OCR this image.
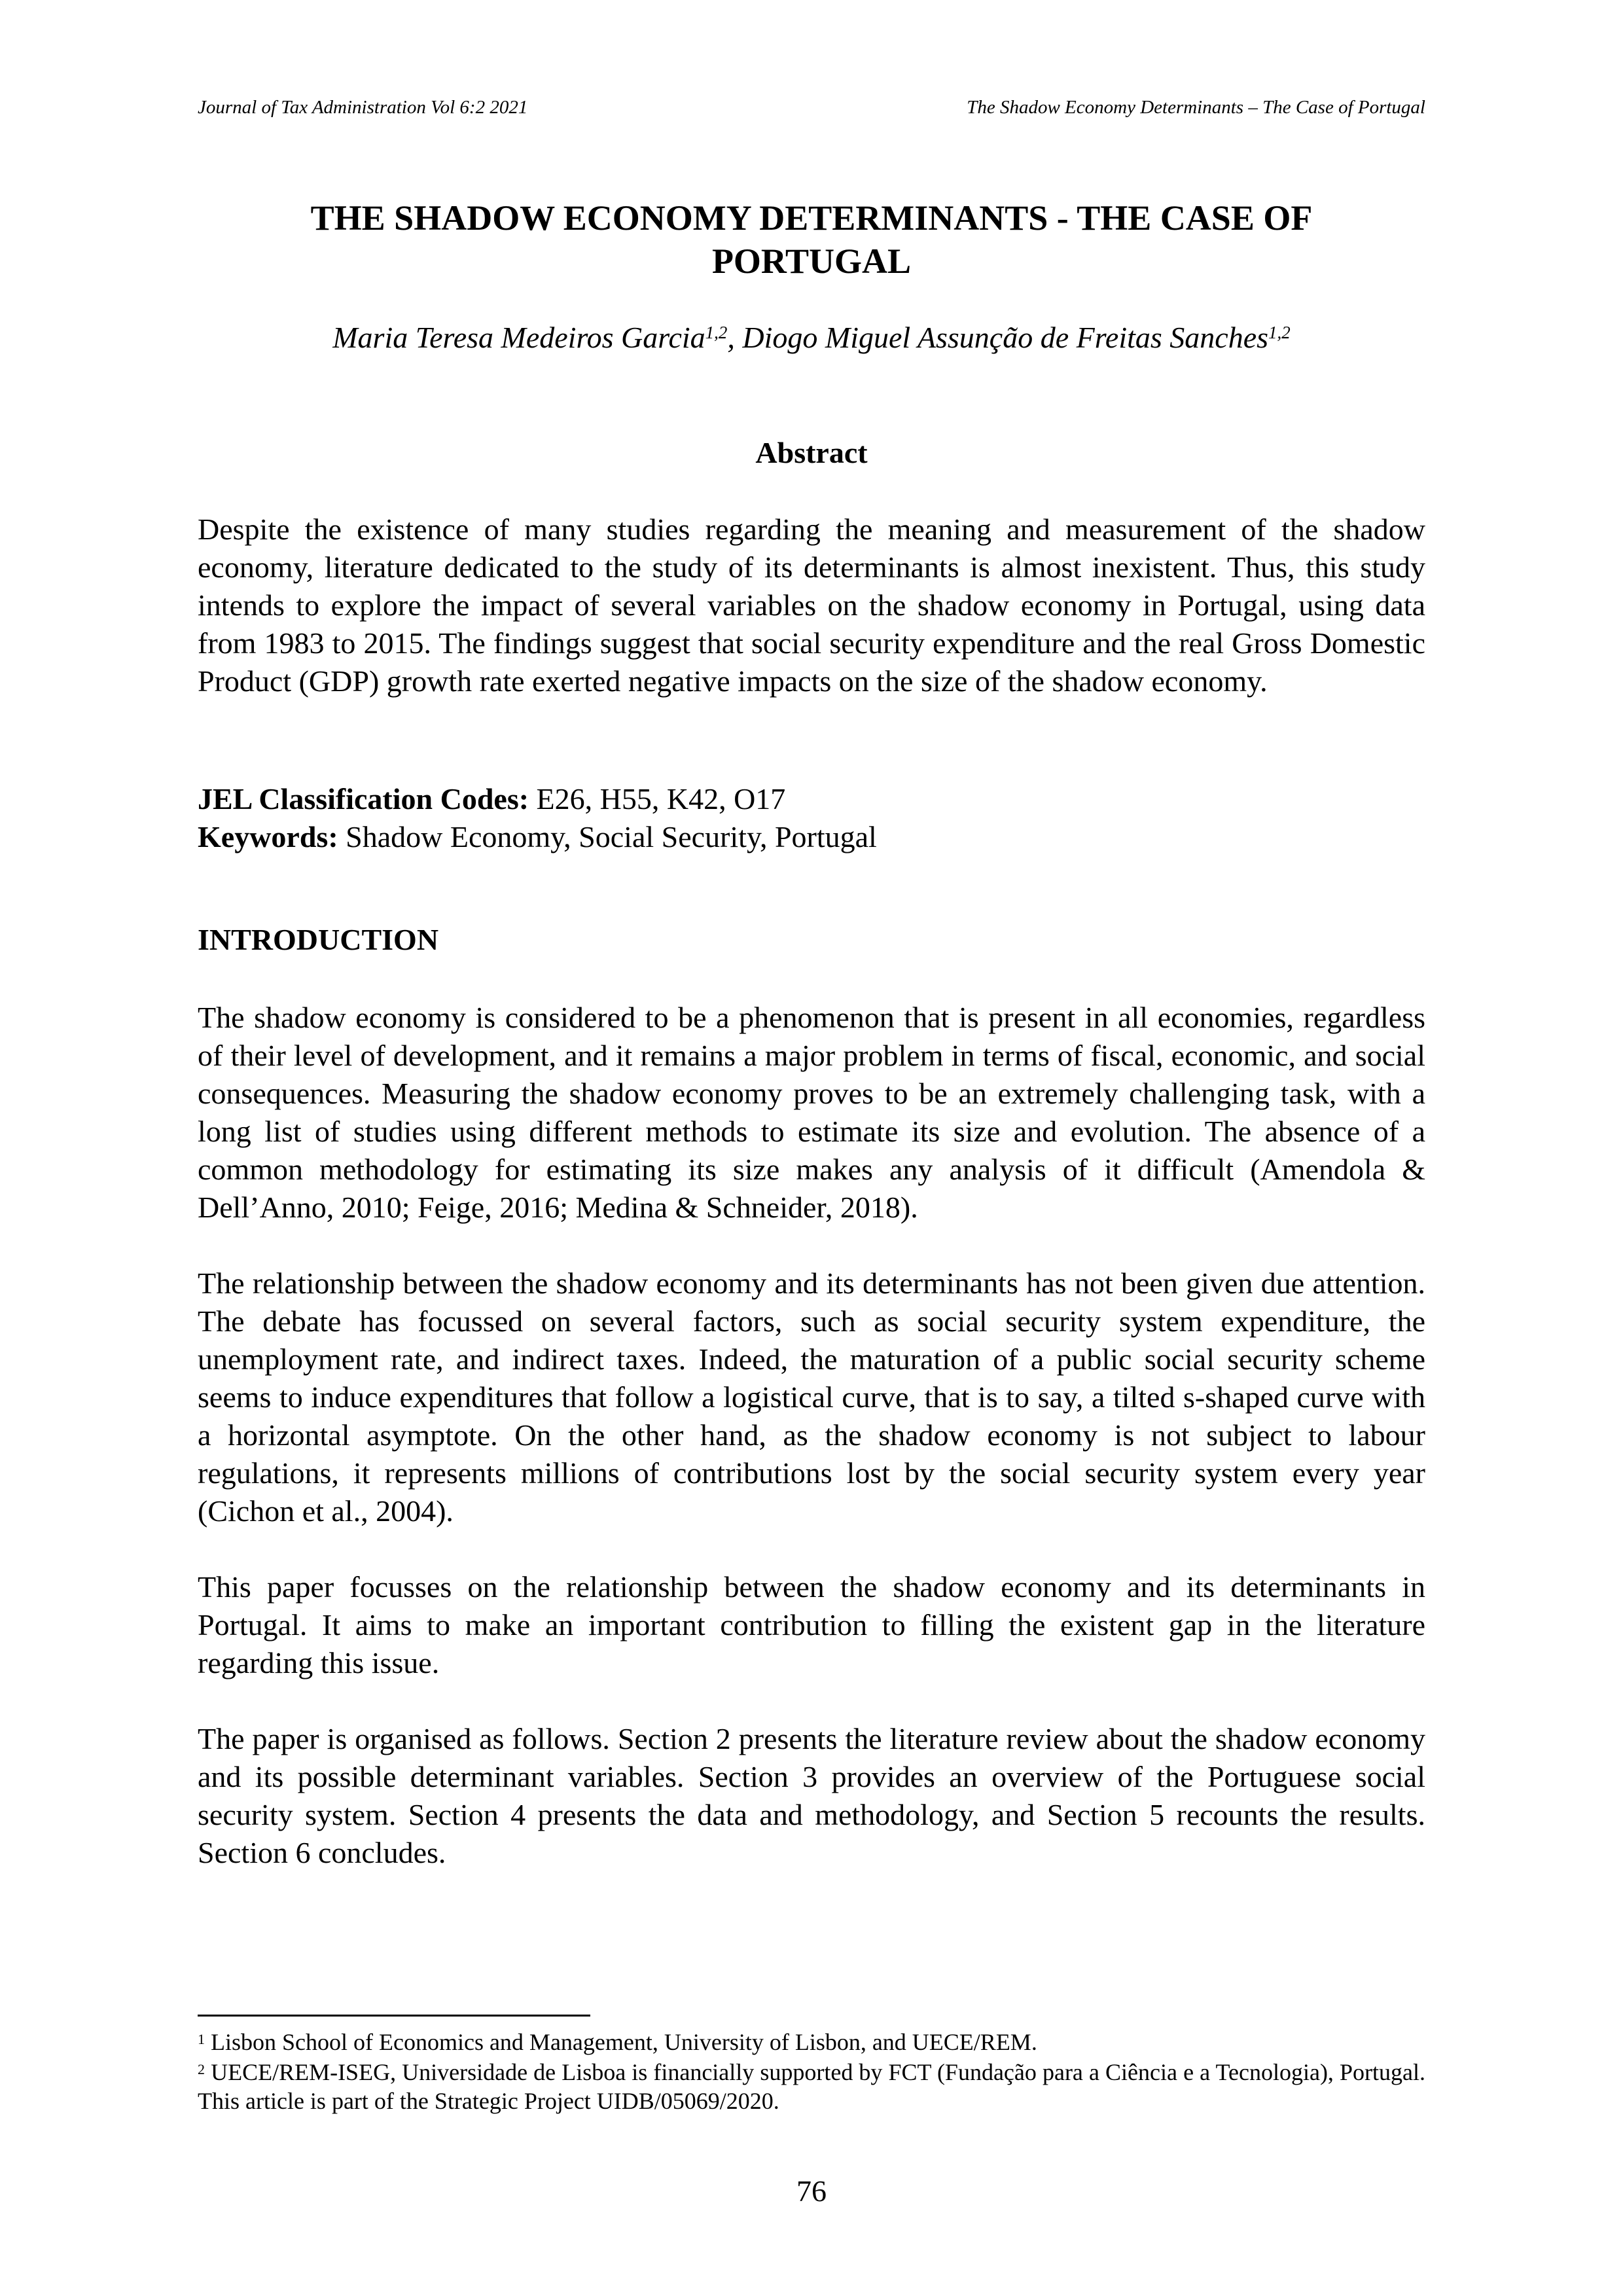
Journal of Tax Administration Vol 6:2 2021	The Shadow Economy Determinants – The Case of Portugal
THE SHADOW ECONOMY DETERMINANTS - THE CASE OF
PORTUGAL
Maria Teresa Medeiros Garcia$^{1,2}$, Diogo Miguel Assunção de Freitas Sanches$^{1,2}$
Abstract

Despite the existence of many studies regarding the meaning and measurement of the shadow economy, literature dedicated to the study of its determinants is almost inexistent. Thus, this study intends to explore the impact of several variables on the shadow economy in Portugal, using data from 1983 to 2015. The findings suggest that social security expenditure and the real Gross Domestic Product (GDP) growth rate exerted negative impacts on the size of the shadow economy.

JEL Classification Codes: E26, H55, K42, O17

Keywords: Shadow Economy, Social Security, Portugal

INTRODUCTION

The shadow economy is considered to be a phenomenon that is present in all economies, regardless of their level of development, and it remains a major problem in terms of fiscal, economic, and social consequences. Measuring the shadow economy proves to be an extremely challenging task, with a long list of studies using different methods to estimate its size and evolution. The absence of a common methodology for estimating its size makes any analysis of it difficult (Amendola & Dell’Anno, 2010; Feige, 2016; Medina & Schneider, 2018).

The relationship between the shadow economy and its determinants has not been given due attention. The debate has focussed on several factors, such as social security system expenditure, the unemployment rate, and indirect taxes. Indeed, the maturation of a public social security scheme seems to induce expenditures that follow a logistical curve, that is to say, a tilted s-shaped curve with a horizontal asymptote. On the other hand, as the shadow economy is not subject to labour regulations, it represents millions of contributions lost by the social security system every year (Cichon et al., 2004).

This paper focusses on the relationship between the shadow economy and its determinants in Portugal. It aims to make an important contribution to filling the existent gap in the literature regarding this issue.

The paper is organised as follows. Section 2 presents the literature review about the shadow economy and its possible determinant variables. Section 3 provides an overview of the Portuguese social security system. Section 4 presents the data and methodology, and Section 5 recounts the results. Section 6 concludes.

$^1$ Lisbon School of Economics and Management, University of Lisbon, and UECE/REM.

$^2$ UECE/REM-ISEG, Universidade de Lisboa is financially supported by FCT (Fundação para a Ciência e a Tecnologia), Portugal. This article is part of the Strategic Project UIDB/05069/2020.

76
